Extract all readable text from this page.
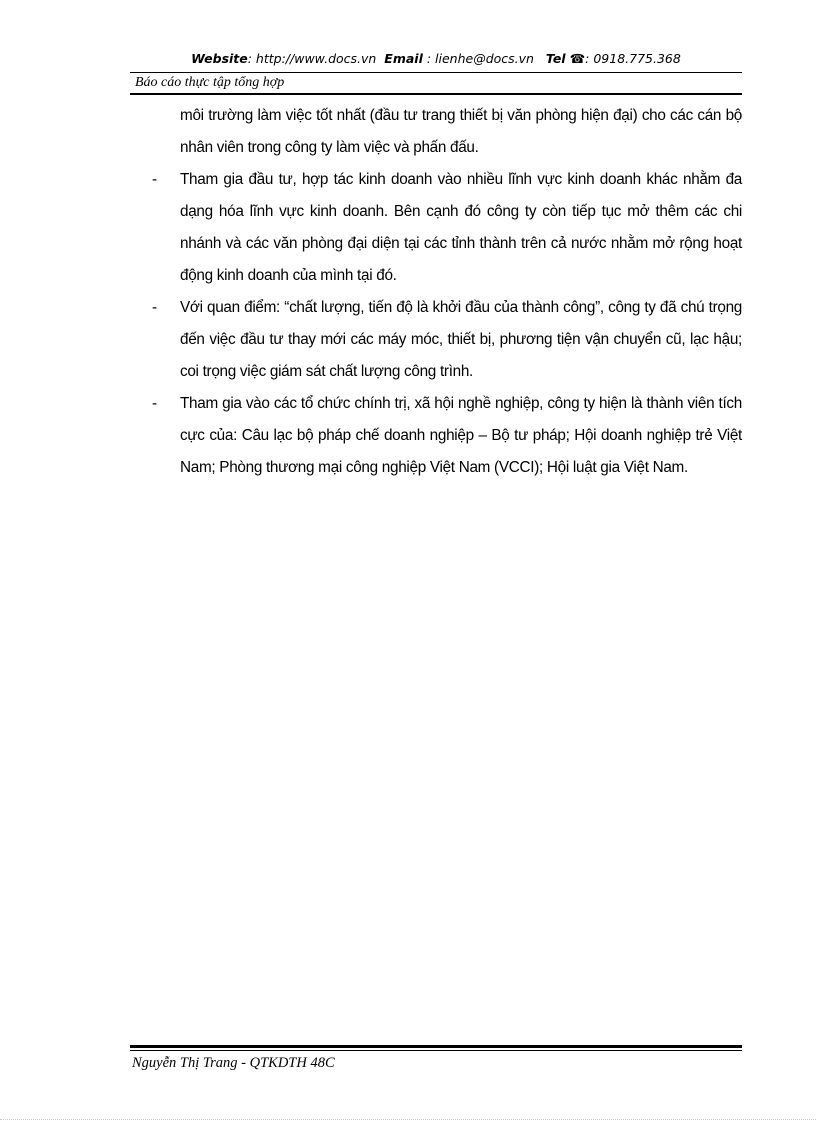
Website: http://www.docs.vn Email : lienhe@docs.vn Tel ☎: 0918.775.368
Báo cáo thực tập tổng hợp

môi trường làm việc tốt nhất (đầu tư trang thiết bị văn phòng hiện đại) cho các cán bộ nhân viên trong công ty làm việc và phấn đấu.

-	Tham gia đầu tư, hợp tác kinh doanh vào nhiều lĩnh vực kinh doanh khác nhằm đa dạng hóa lĩnh vực kinh doanh. Bên cạnh đó công ty còn tiếp tục mở thêm các chi nhánh và các văn phòng đại diện tại các tỉnh thành trên cả nước nhằm mở rộng hoạt động kinh doanh của mình tại đó.

-	Với quan điểm: “chất lượng, tiến độ là khởi đầu của thành công”, công ty đã chú trọng đến việc đầu tư thay mới các máy móc, thiết bị, phương tiện vận chuyển cũ, lạc hậu; coi trọng việc giám sát chất lượng công trình.

-	Tham gia vào các tổ chức chính trị, xã hội nghề nghiệp, công ty hiện là thành viên tích cực của: Câu lạc bộ pháp chế doanh nghiệp – Bộ tư pháp; Hội doanh nghiệp trẻ Việt Nam; Phòng thương mại công nghiệp Việt Nam (VCCI); Hội luật gia Việt Nam.

Nguyễn Thị Trang - QTKDTH 48C
